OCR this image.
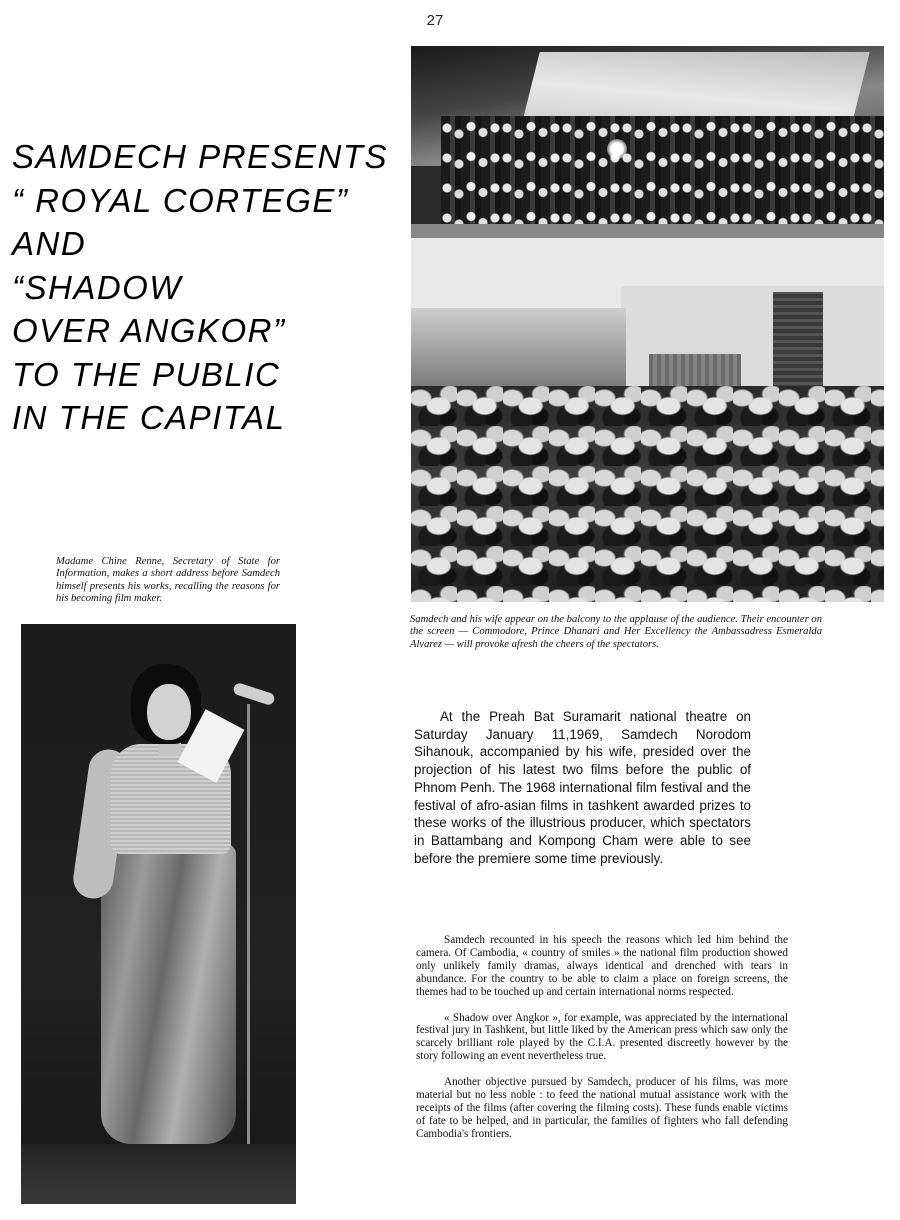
27
SAMDECH PRESENTS
“ ROYAL CORTEGE”
AND
“SHADOW
OVER ANGKOR”
TO THE PUBLIC
IN THE CAPITAL
Madame Chine Renne, Secretary of State for Information, makes a short address before Samdech himself presents his works, recalling the reasons for his becoming film maker.
Samdech and his wife appear on the balcony to the applause of the audience. Their encounter on the screen — Commodore, Prince Dhanari and Her Excellency the Ambassadress Esmeralda Alvarez — will provoke afresh the cheers of the spectators.
At the Preah Bat Suramarit national theatre on Saturday January 11,1969, Samdech Norodom Sihanouk, accompanied by his wife, presided over the projection of his latest two films before the public of Phnom Penh. The 1968 international film festival and the festival of afro-asian films in tashkent awarded prizes to these works of the illustrious producer, which spectators in Battambang and Kompong Cham were able to see before the premiere some time previously.

Samdech recounted in his speech the reasons which led him behind the camera. Of Cambodia, « country of smiles » the national film production showed only unlikely family dramas, always identical and drenched with tears in abundance. For the country to be able to claim a place on foreign screens, the themes had to be touched up and certain international norms respected.

« Shadow over Angkor », for example, was appreciated by the international festival jury in Tashkent, but little liked by the American press which saw only the scarcely brilliant role played by the C.I.A. presented discreetly however by the story following an event nevertheless true.

Another objective pursued by Samdech, producer of his films, was more material but no less noble : to feed the national mutual assistance work with the receipts of the films (after covering the filming costs). These funds enable victims of fate to be helped, and in particular, the families of fighters who fall defending Cambodia's frontiers.
